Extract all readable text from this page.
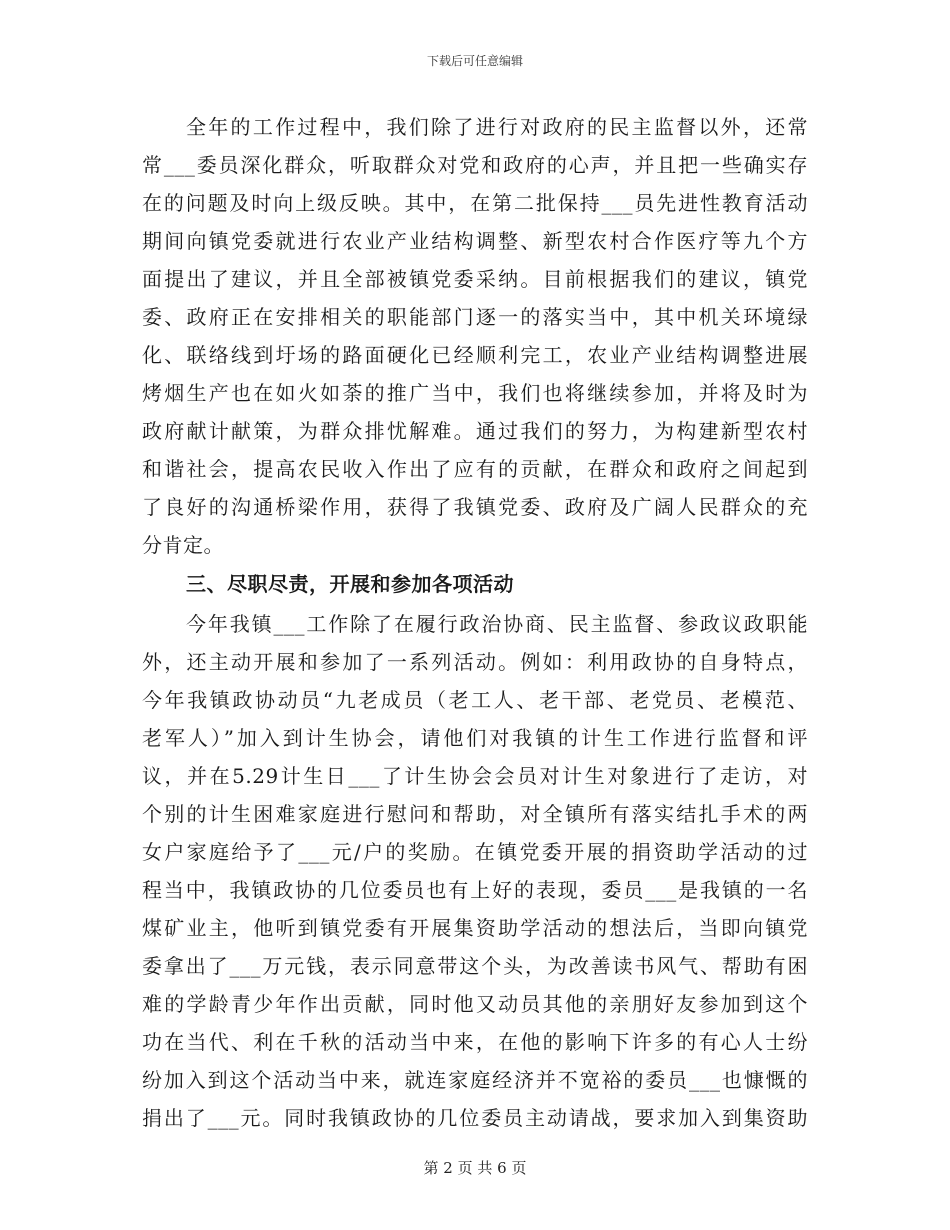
下载后可任意编辑
全年的工作过程中，我们除了进行对政府的民主监督以外，还常
常___委员深化群众，听取群众对党和政府的心声，并且把一些确实存
在的问题及时向上级反映。其中，在第二批保持___员先进性教育活动
期间向镇党委就进行农业产业结构调整、新型农村合作医疗等九个方
面提出了建议，并且全部被镇党委采纳。目前根据我们的建议，镇党
委、政府正在安排相关的职能部门逐一的落实当中，其中机关环境绿
化、联络线到圩场的路面硬化已经顺利完工，农业产业结构调整进展
烤烟生产也在如火如荼的推广当中，我们也将继续参加，并将及时为
政府献计献策，为群众排忧解难。通过我们的努力，为构建新型农村
和谐社会，提高农民收入作出了应有的贡献，在群众和政府之间起到
了良好的沟通桥梁作用，获得了我镇党委、政府及广阔人民群众的充
分肯定。
三、尽职尽责，开展和参加各项活动
今年我镇___工作除了在履行政治协商、民主监督、参政议政职能
外，还主动开展和参加了一系列活动。例如：利用政协的自身特点，
今年我镇政协动员“九老成员（老工人、老干部、老党员、老模范、
老军人）”加入到计生协会，请他们对我镇的计生工作进行监督和评
议，并在5.29计生日___了计生协会会员对计生对象进行了走访，对
个别的计生困难家庭进行慰问和帮助，对全镇所有落实结扎手术的两
女户家庭给予了___元/户的奖励。在镇党委开展的捐资助学活动的过
程当中，我镇政协的几位委员也有上好的表现，委员___是我镇的一名
煤矿业主，他听到镇党委有开展集资助学活动的想法后，当即向镇党
委拿出了___万元钱，表示同意带这个头，为改善读书风气、帮助有困
难的学龄青少年作出贡献，同时他又动员其他的亲朋好友参加到这个
功在当代、利在千秋的活动当中来，在他的影响下许多的有心人士纷
纷加入到这个活动当中来，就连家庭经济并不宽裕的委员___也慷慨的
捐出了___元。同时我镇政协的几位委员主动请战，要求加入到集资助
第 2 页 共 6 页
